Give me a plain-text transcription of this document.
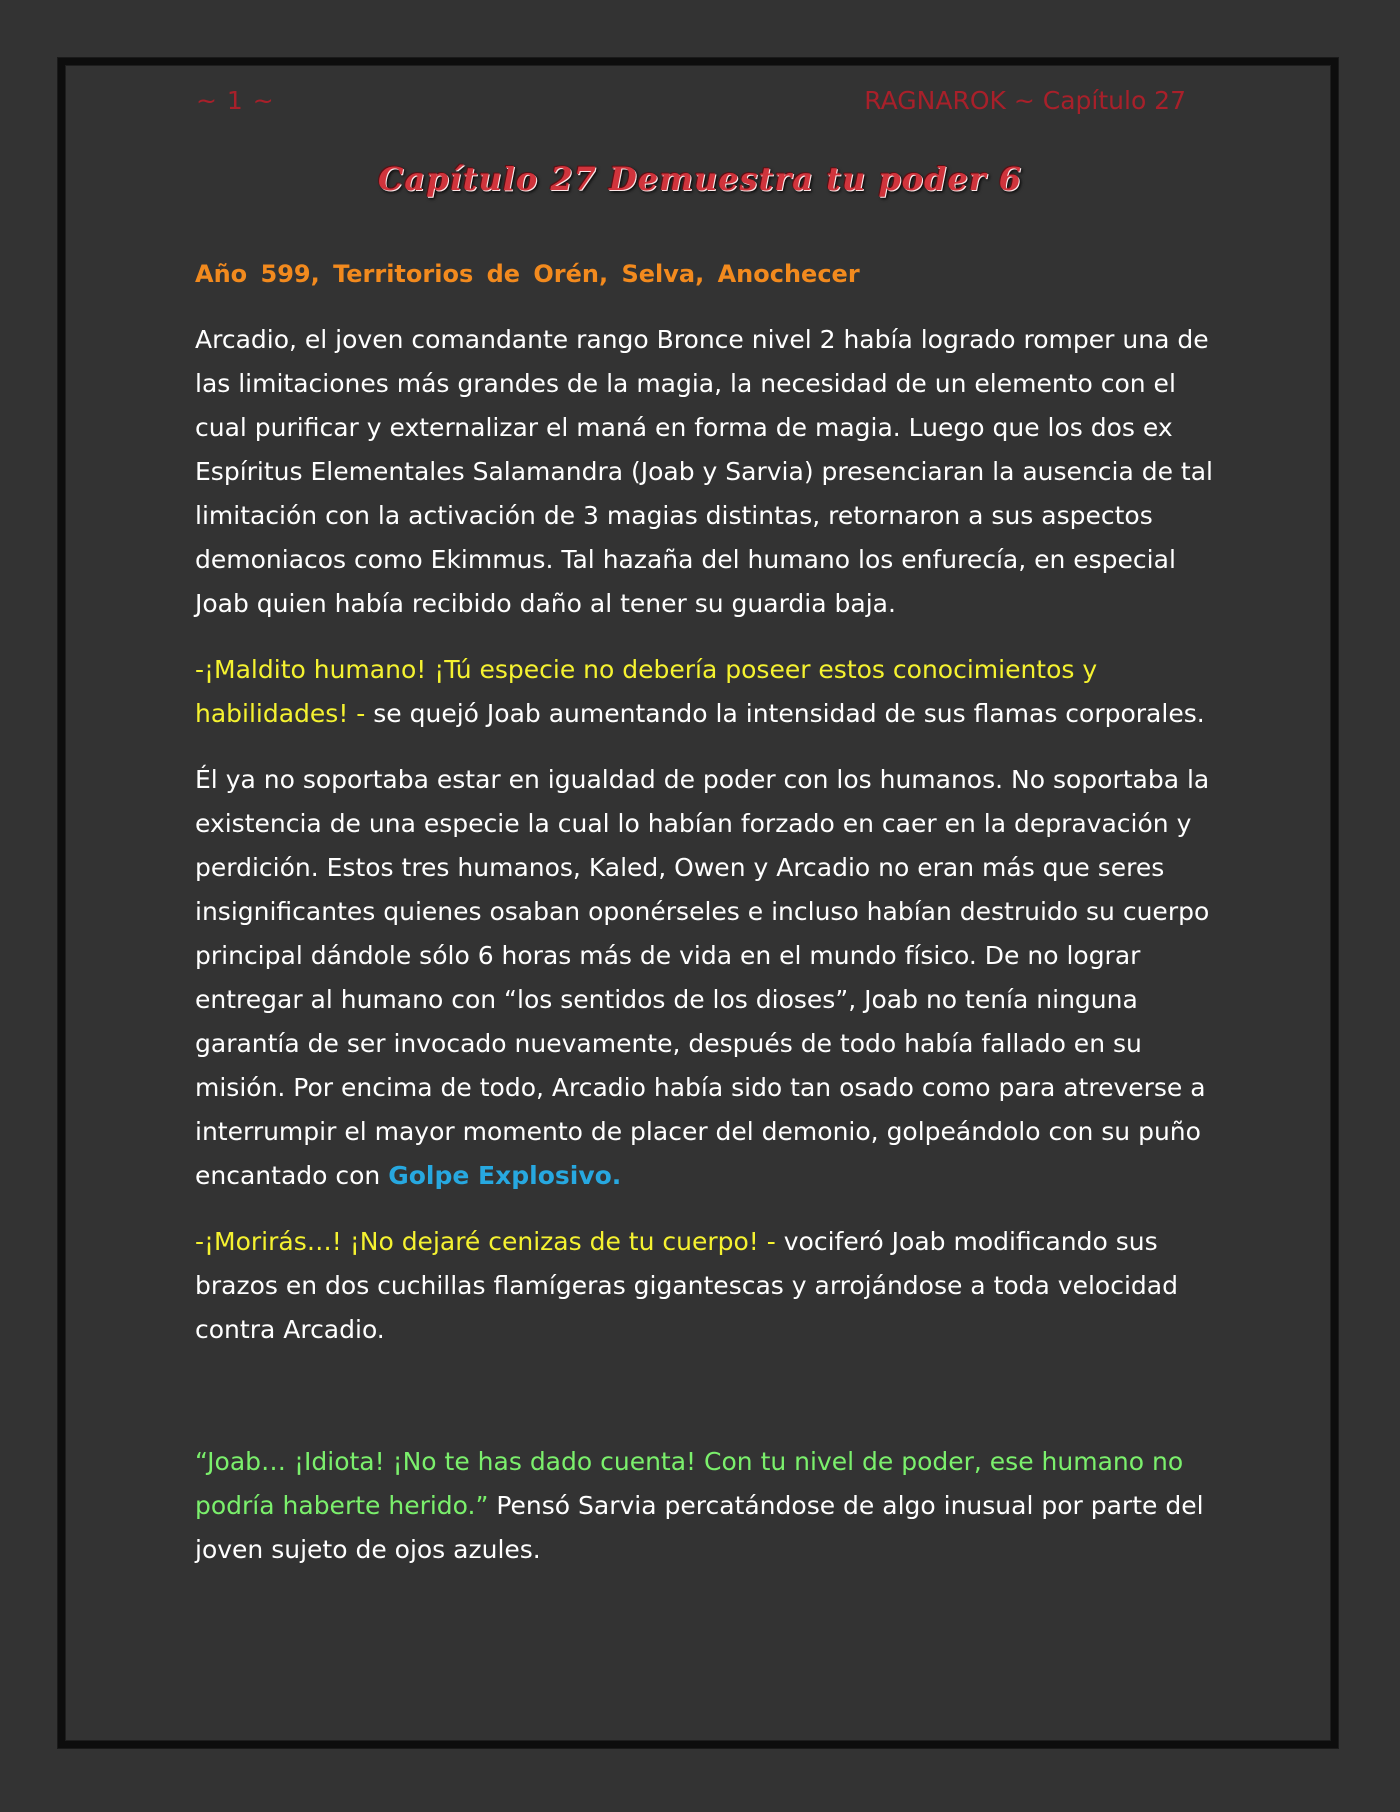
~ 1 ~	RAGNAROK ~ Capítulo 27
Capítulo 27 Demuestra tu poder 6
Año 599, Territorios de Orén, Selva, Anochecer

Arcadio, el joven comandante rango Bronce nivel 2 había logrado romper una de las limitaciones más grandes de la magia, la necesidad de un elemento con el cual purificar y externalizar el maná en forma de magia. Luego que los dos ex Espíritus Elementales Salamandra (Joab y Sarvia) presenciaran la ausencia de tal limitación con la activación de 3 magias distintas, retornaron a sus aspectos demoniacos como Ekimmus. Tal hazaña del humano los enfurecía, en especial Joab quien había recibido daño al tener su guardia baja.

-¡Maldito humano! ¡Tú especie no debería poseer estos conocimientos y habilidades! - se quejó Joab aumentando la intensidad de sus flamas corporales.

Él ya no soportaba estar en igualdad de poder con los humanos. No soportaba la existencia de una especie la cual lo habían forzado en caer en la depravación y perdición. Estos tres humanos, Kaled, Owen y Arcadio no eran más que seres insignificantes quienes osaban oponérseles e incluso habían destruido su cuerpo principal dándole sólo 6 horas más de vida en el mundo físico. De no lograr entregar al humano con “los sentidos de los dioses”, Joab no tenía ninguna garantía de ser invocado nuevamente, después de todo había fallado en su misión. Por encima de todo, Arcadio había sido tan osado como para atreverse a interrumpir el mayor momento de placer del demonio, golpeándolo con su puño encantado con Golpe Explosivo.

-¡Morirás…! ¡No dejaré cenizas de tu cuerpo! - vociferó Joab modificando sus brazos en dos cuchillas flamígeras gigantescas y arrojándose a toda velocidad contra Arcadio.

“Joab… ¡Idiota! ¡No te has dado cuenta! Con tu nivel de poder, ese humano no podría haberte herido.” Pensó Sarvia percatándose de algo inusual por parte del joven sujeto de ojos azules.
